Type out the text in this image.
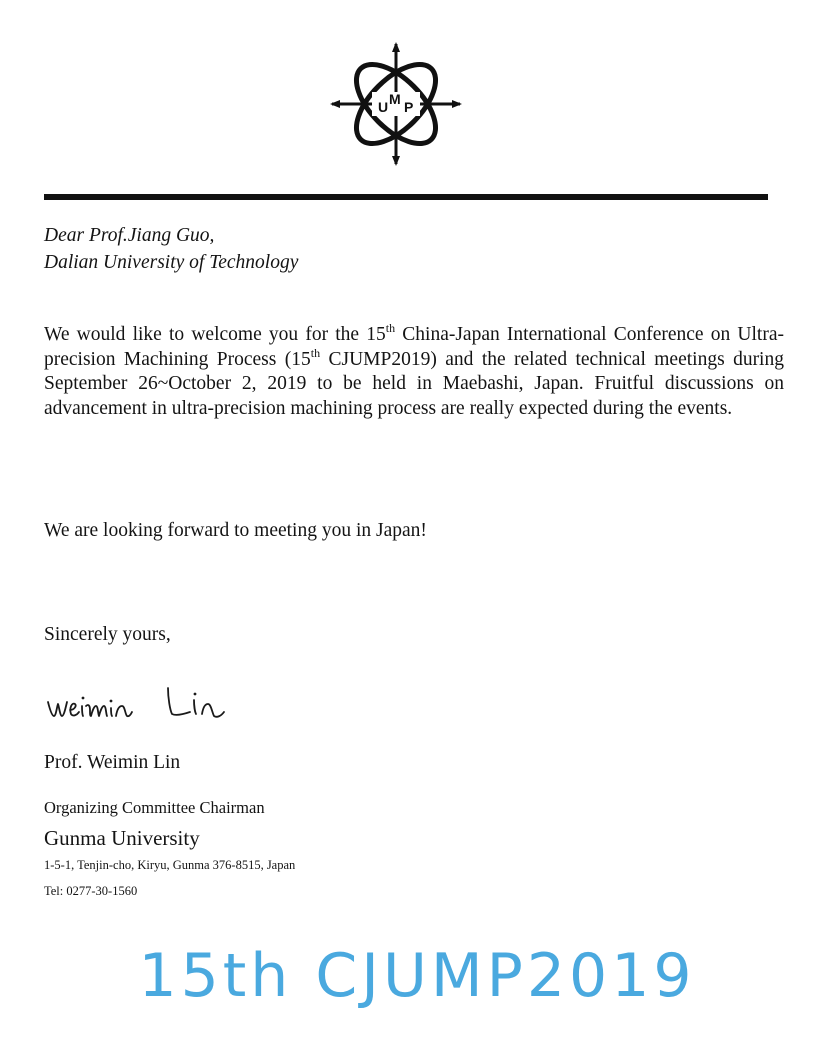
U M P
Dear Prof.Jiang Guo,
Dalian University of Technology
We would like to welcome you for the 15th China-Japan International Conference on Ultra-precision Machining Process (15th CJUMP2019) and the related technical meetings during September 26~October 2, 2019 to be held in Maebashi, Japan. Fruitful discussions on advancement in ultra-precision machining process are really expected during the events.
We are looking forward to meeting you in Japan!
Sincerely yours,
Prof. Weimin Lin
Organizing Committee Chairman
Gunma University
1-5-1, Tenjin-cho, Kiryu, Gunma 376-8515, Japan
Tel: 0277-30-1560
15th CJUMP2019
